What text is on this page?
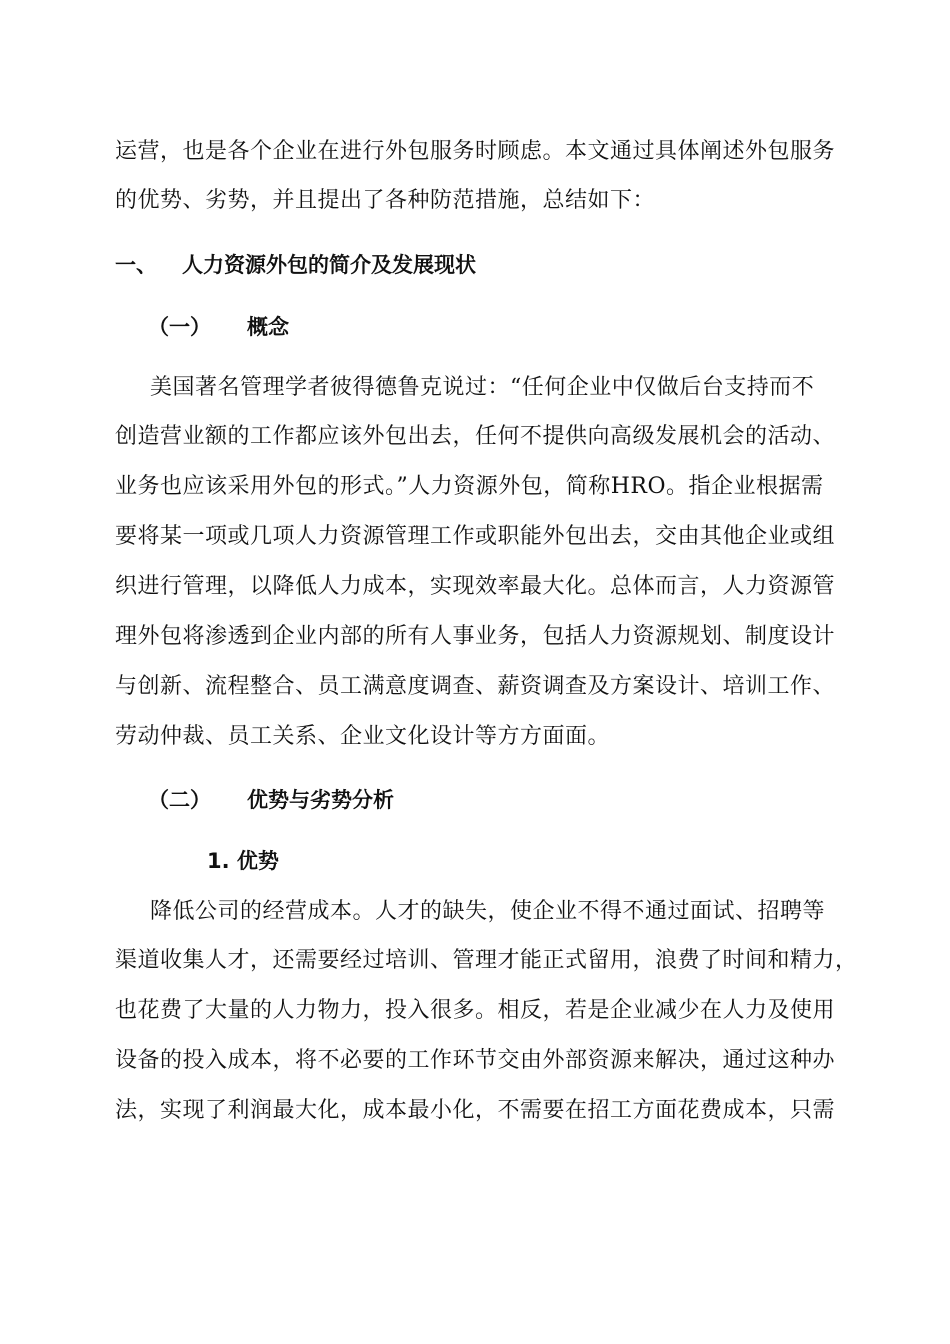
运营，也是各个企业在进行外包服务时顾虑。本文通过具体阐述外包服务
的优势、劣势，并且提出了各种防范措施，总结如下：
一、 人力资源外包的简介及发展现状
（一） 概念
美国著名管理学者彼得德鲁克说过：“任何企业中仅做后台支持而不
创造营业额的工作都应该外包出去，任何不提供向高级发展机会的活动、
业务也应该采用外包的形式。”人力资源外包，简称HRO。指企业根据需
要将某一项或几项人力资源管理工作或职能外包出去，交由其他企业或组
织进行管理，以降低人力成本，实现效率最大化。总体而言，人力资源管
理外包将渗透到企业内部的所有人事业务，包括人力资源规划、制度设计
与创新、流程整合、员工满意度调查、薪资调查及方案设计、培训工作、
劳动仲裁、员工关系、企业文化设计等方方面面。
（二） 优势与劣势分析
1. 优势
降低公司的经营成本。人才的缺失，使企业不得不通过面试、招聘等
渠道收集人才，还需要经过培训、管理才能正式留用，浪费了时间和精力，
也花费了大量的人力物力，投入很多。相反，若是企业减少在人力及使用
设备的投入成本，将不必要的工作环节交由外部资源来解决，通过这种办
法，实现了利润最大化，成本最小化，不需要在招工方面花费成本，只需
